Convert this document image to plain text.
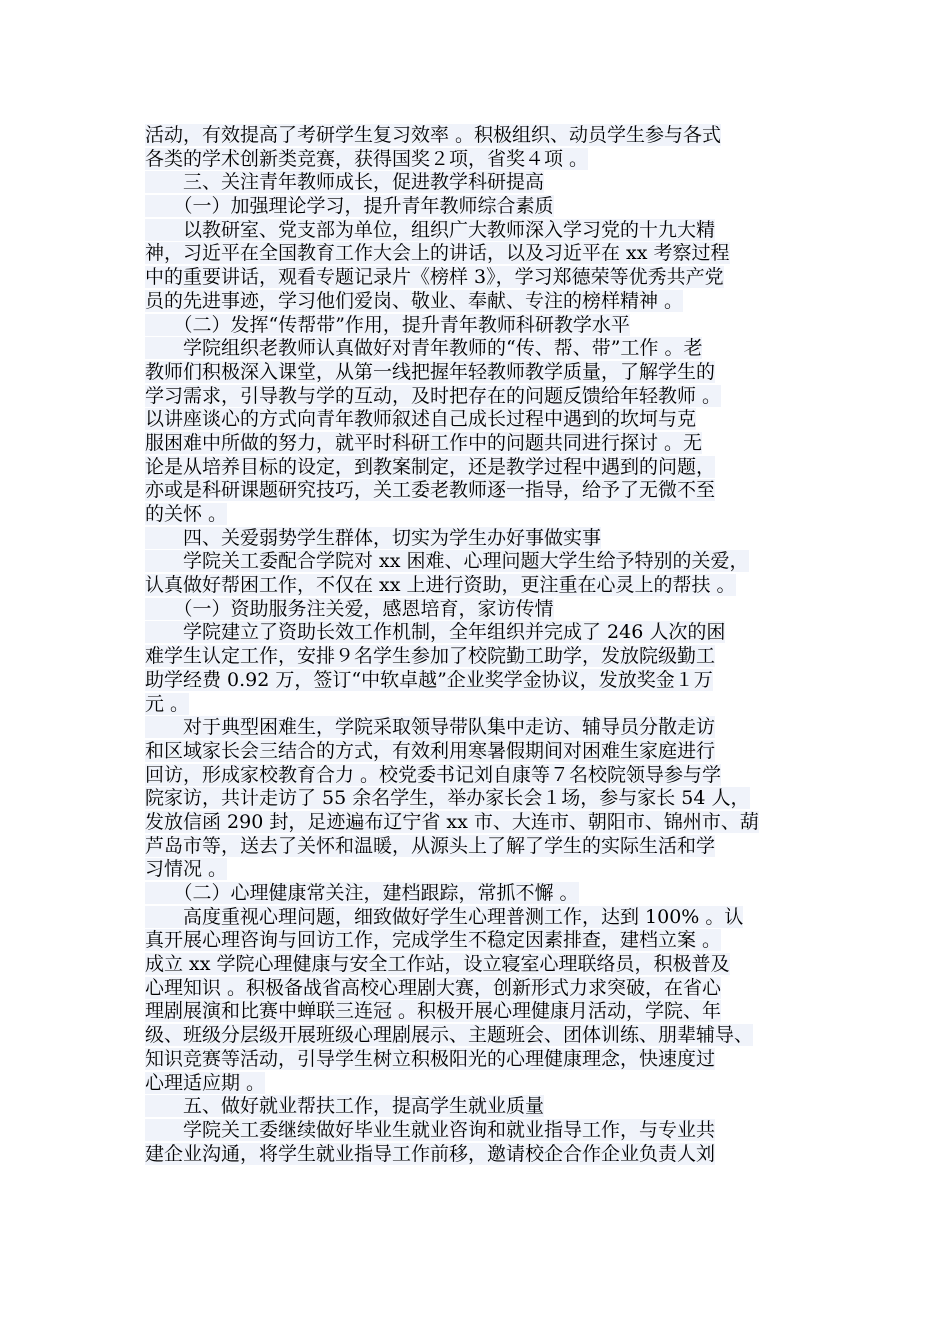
活动，有效提高了考研学生复习效率 。积极组织、动员学生参与各式
各类的学术创新类竞赛，获得国奖２项，省奖４项 。
　　三、关注青年教师成长，促进教学科研提高
　　（一）加强理论学习，提升青年教师综合素质
　　以教研室、党支部为单位，组织广大教师深入学习党的十九大精
神，习近平在全国教育工作大会上的讲话，以及习近平在 xx 考察过程
中的重要讲话，观看专题记录片《榜样 3》，学习郑德荣等优秀共产党
员的先进事迹，学习他们爱岗、敬业、奉献、专注的榜样精神 。
　　（二）发挥“传帮带”作用，提升青年教师科研教学水平
　　学院组织老教师认真做好对青年教师的“传、帮、带”工作 。老
教师们积极深入课堂，从第一线把握年轻教师教学质量，了解学生的
学习需求，引导教与学的互动，及时把存在的问题反馈给年轻教师 。
以讲座谈心的方式向青年教师叙述自己成长过程中遇到的坎坷与克
服困难中所做的努力，就平时科研工作中的问题共同进行探讨 。无
论是从培养目标的设定，到教案制定，还是教学过程中遇到的问题，
亦或是科研课题研究技巧，关工委老教师逐一指导，给予了无微不至
的关怀 。
　　四、关爱弱势学生群体，切实为学生办好事做实事
　　学院关工委配合学院对 xx 困难、心理问题大学生给予特别的关爱，
认真做好帮困工作，不仅在 xx 上进行资助，更注重在心灵上的帮扶 。
　　（一）资助服务注关爱，感恩培育，家访传情
　　学院建立了资助长效工作机制，全年组织并完成了 246 人次的困
难学生认定工作，安排９名学生参加了校院勤工助学，发放院级勤工
助学经费 0.92 万，签订“中软卓越”企业奖学金协议，发放奖金１万
元 。
　　对于典型困难生，学院采取领导带队集中走访、辅导员分散走访
和区域家长会三结合的方式，有效利用寒暑假期间对困难生家庭进行
回访，形成家校教育合力 。校党委书记刘自康等７名校院领导参与学
院家访，共计走访了 55 余名学生，举办家长会１场，参与家长 54 人，
发放信函 290 封，足迹遍布辽宁省 xx 市、大连市、朝阳市、锦州市、葫
芦岛市等，送去了关怀和温暖，从源头上了解了学生的实际生活和学
习情况 。
　　（二）心理健康常关注，建档跟踪，常抓不懈 。
　　高度重视心理问题，细致做好学生心理普测工作，达到 100% 。认
真开展心理咨询与回访工作，完成学生不稳定因素排查，建档立案 。
成立 xx 学院心理健康与安全工作站，设立寝室心理联络员，积极普及
心理知识 。积极备战省高校心理剧大赛，创新形式力求突破，在省心
理剧展演和比赛中蝉联三连冠 。积极开展心理健康月活动，学院、年
级、班级分层级开展班级心理剧展示、主题班会、团体训练、朋辈辅导、
知识竞赛等活动，引导学生树立积极阳光的心理健康理念，快速度过
心理适应期 。
　　五、做好就业帮扶工作，提高学生就业质量
　　学院关工委继续做好毕业生就业咨询和就业指导工作，与专业共
建企业沟通，将学生就业指导工作前移，邀请校企合作企业负责人刘
